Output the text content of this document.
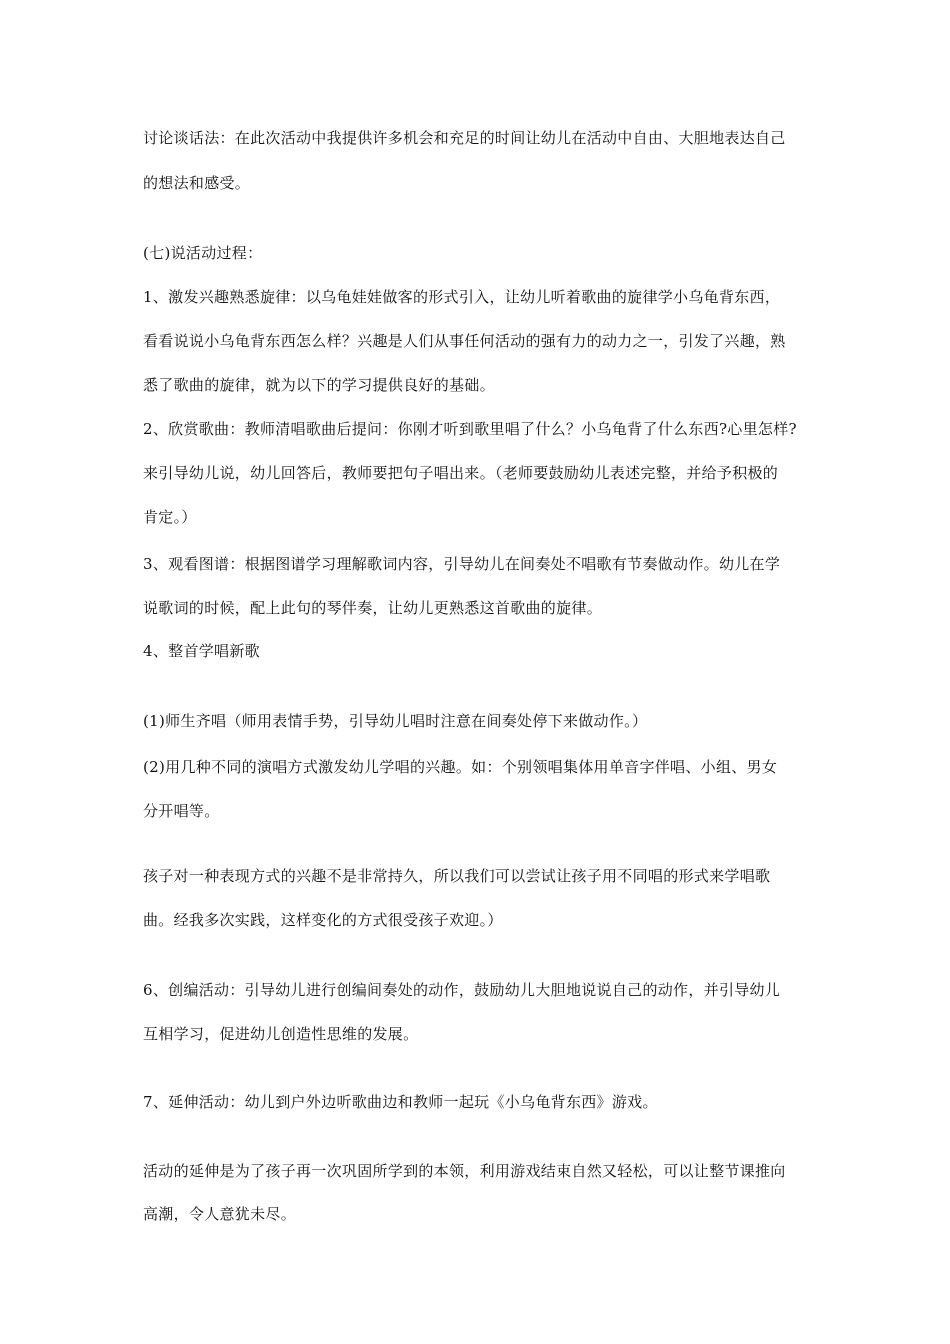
讨论谈话法：在此次活动中我提供许多机会和充足的时间让幼儿在活动中自由、大胆地表达自己
的想法和感受。
(七)说活动过程：
1、激发兴趣熟悉旋律：以乌龟娃娃做客的形式引入，让幼儿听着歌曲的旋律学小乌龟背东西，
看看说说小乌龟背东西怎么样？兴趣是人们从事任何活动的强有力的动力之一，引发了兴趣，熟
悉了歌曲的旋律，就为以下的学习提供良好的基础。
2、欣赏歌曲：教师清唱歌曲后提问：你刚才听到歌里唱了什么？小乌龟背了什么东西?心里怎样?
来引导幼儿说，幼儿回答后，教师要把句子唱出来。（老师要鼓励幼儿表述完整，并给予积极的
肯定。）
3、观看图谱：根据图谱学习理解歌词内容，引导幼儿在间奏处不唱歌有节奏做动作。幼儿在学
说歌词的时候，配上此句的琴伴奏，让幼儿更熟悉这首歌曲的旋律。
4、整首学唱新歌
(1)师生齐唱（师用表情手势，引导幼儿唱时注意在间奏处停下来做动作。）
(2)用几种不同的演唱方式激发幼儿学唱的兴趣。如：个别领唱集体用单音字伴唱、小组、男女
分开唱等。
孩子对一种表现方式的兴趣不是非常持久，所以我们可以尝试让孩子用不同唱的形式来学唱歌
曲。经我多次实践，这样变化的方式很受孩子欢迎。）
6、创编活动：引导幼儿进行创编间奏处的动作，鼓励幼儿大胆地说说自己的动作，并引导幼儿
互相学习，促进幼儿创造性思维的发展。
7、延伸活动：幼儿到户外边听歌曲边和教师一起玩《小乌龟背东西》游戏。
活动的延伸是为了孩子再一次巩固所学到的本领，利用游戏结束自然又轻松，可以让整节课推向
高潮，令人意犹未尽。
